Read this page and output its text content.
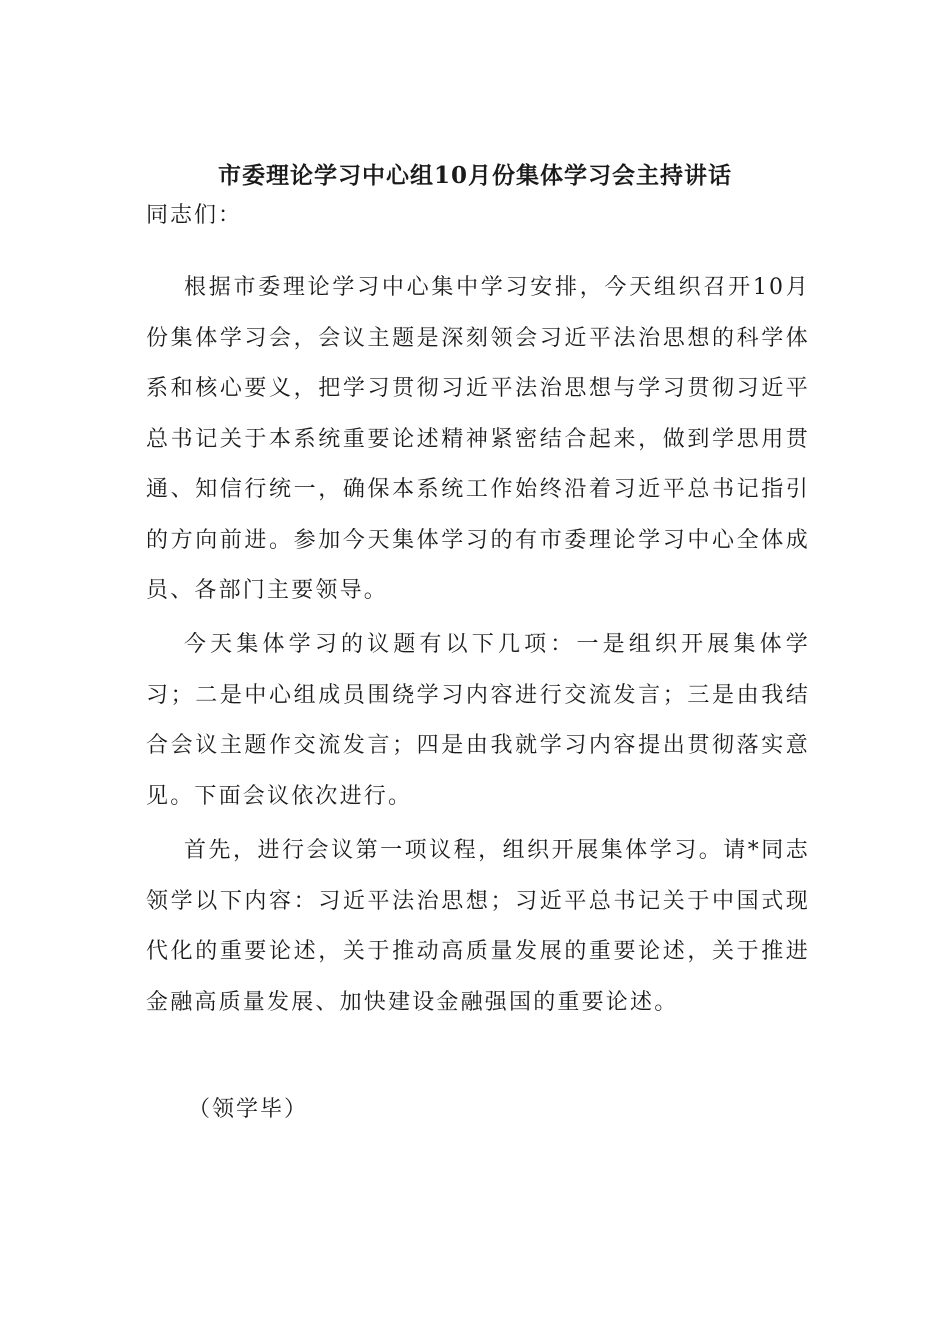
市委理论学习中心组10月份集体学习会主持讲话

同志们：

根据市委理论学习中心集中学习安排，今天组织召开10月份集体学习会，会议主题是深刻领会习近平法治思想的科学体系和核心要义，把学习贯彻习近平法治思想与学习贯彻习近平总书记关于本系统重要论述精神紧密结合起来，做到学思用贯通、知信行统一，确保本系统工作始终沿着习近平总书记指引的方向前进。参加今天集体学习的有市委理论学习中心全体成员、各部门主要领导。

今天集体学习的议题有以下几项：一是组织开展集体学习；二是中心组成员围绕学习内容进行交流发言；三是由我结合会议主题作交流发言；四是由我就学习内容提出贯彻落实意见。下面会议依次进行。

首先，进行会议第一项议程，组织开展集体学习。请*同志领学以下内容：习近平法治思想；习近平总书记关于中国式现代化的重要论述，关于推动高质量发展的重要论述，关于推进金融高质量发展、加快建设金融强国的重要论述。

（领学毕）
